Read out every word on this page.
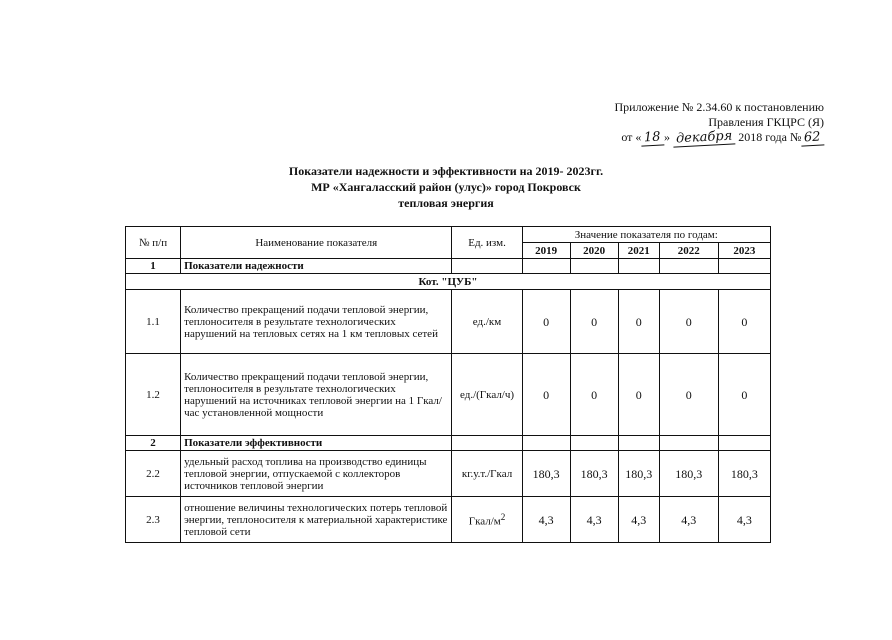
Приложение № 2.34.60 к постановлению
Правления ГКЦРС (Я)
от « 18 » декабря 2018 года № 62
Показатели надежности и эффективности на 2019- 2023гг.
МР «Хангаласский район (улус)» город Покровск
тепловая энергия
№ п/п	Наименование показателя	Ед. изм.	Значение показателя по годам:				
			2019	2020	2021	2022	2023
1	Показатели надежности						
Кот. "ЦУБ"							
1.1	Количество прекращений подачи тепловой энергии, теплоносителя в результате технологических нарушений на тепловых сетях на 1 км тепловых сетей	ед./км	0	0	0	0	0
1.2	Количество прекращений подачи тепловой энергии, теплоносителя в результате технологических нарушений на источниках тепловой энергии на 1 Гкал/час установленной мощности	ед./(Гкал/ч)	0	0	0	0	0
2	Показатели эффективности						
2.2	удельный расход топлива на производство единицы тепловой энергии, отпускаемой с коллекторов источников тепловой энергии	кг.у.т./Гкал	180,3	180,3	180,3	180,3	180,3
2.3	отношение величины технологических потерь тепловой энергии, теплоносителя к материальной характеристике тепловой сети	Гкал/$м^2$	4,3	4,3	4,3	4,3	4,3
